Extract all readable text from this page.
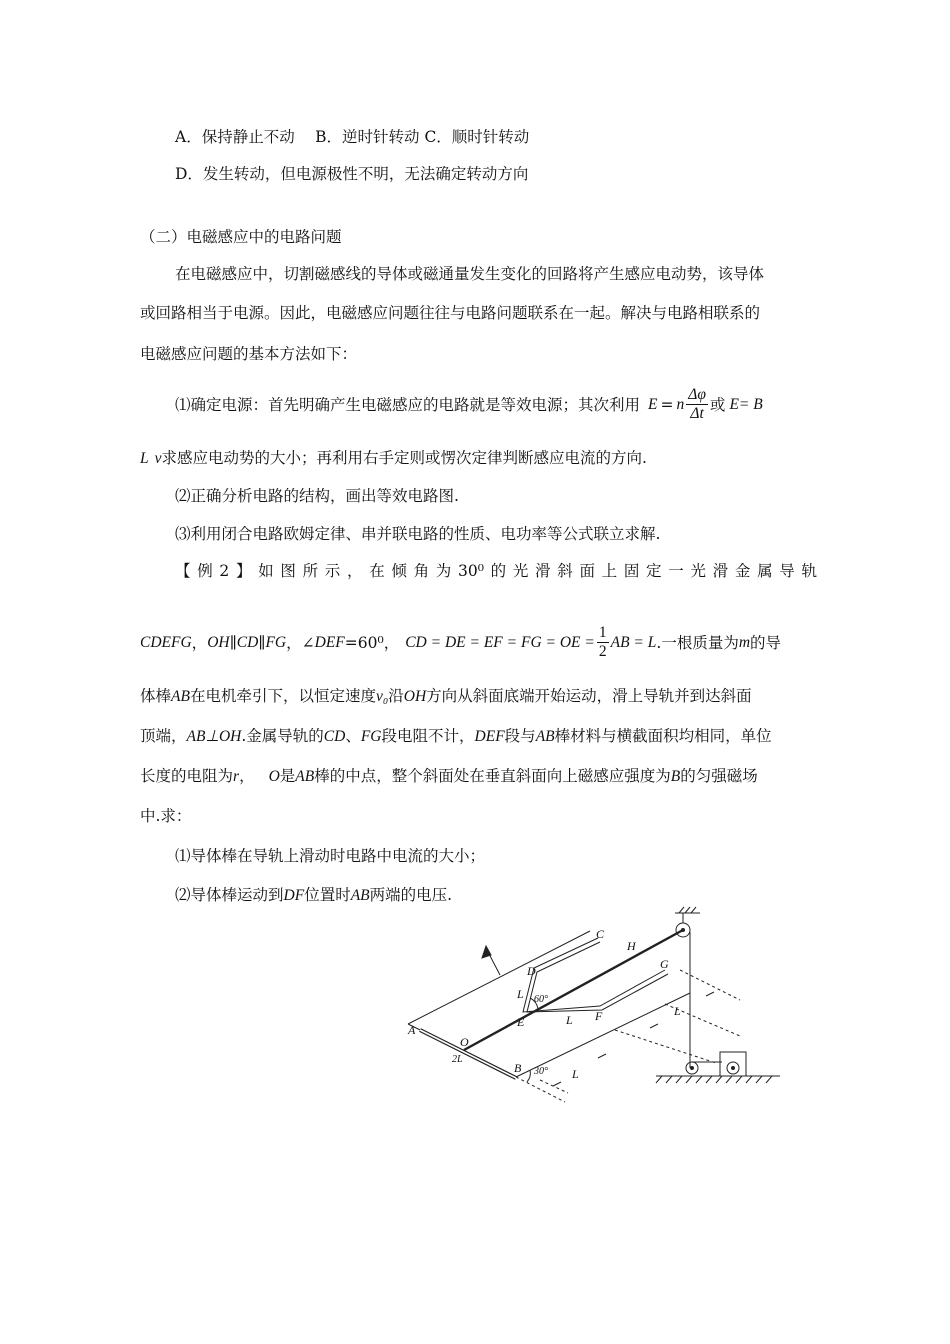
A．保持静止不动　 B．逆时针转动 C．顺时针转动
D．发生转动，但电源极性不明，无法确定转动方向
（二）电磁感应中的电路问题
在电磁感应中，切割磁感线的导体或磁通量发生变化的回路将产生感应电动势，该导体
或回路相当于电源。因此，电磁感应问题往往与电路问题联系在一起。解决与电路相联系的
电磁感应问题的基本方法如下：
⑴确定电源：首先明确产生电磁感应的电路就是等效电源；其次利用 E = n $\frac{\Delta\varphi}{\Delta t}$ 或 E= B
L v求感应电动势的大小；再利用右手定则或愣次定律判断感应电流的方向.
⑵正确分析电路的结构，画出等效电路图.
⑶利用闭合电路欧姆定律、串并联电路的性质、电功率等公式联立求解.
【 例 2 】 如 图 所 示 ， 在 倾 角 为 30⁰ 的 光 滑 斜 面 上 固 定 一 光 滑 金 属 导 轨
CDEFG ， OH ∥ CD ∥ FG ，∠ DEF =60⁰， CD = DE = EF = FG = OE = $\frac{1}{2}$ AB = L .一根质量为 m 的导
体棒AB在电机牵引下，以恒定速度v₀沿OH方向从斜面底端开始运动，滑上导轨并到达斜面
顶端，AB⊥OH.金属导轨的CD、FG段电阻不计，DEF段与AB棒材料与横截面积均相同，单位
长度的电阻为r， O是AB棒的中点，整个斜面处在垂直斜面向上磁感应强度为B的匀强磁场
中.求：
⑴导体棒在导轨上滑动时电路中电流的大小；
⑵导体棒运动到DF位置时AB两端的电压.
C
H
G
D
L 60°
E	F
L
L
A
O
2L
B 30° L
